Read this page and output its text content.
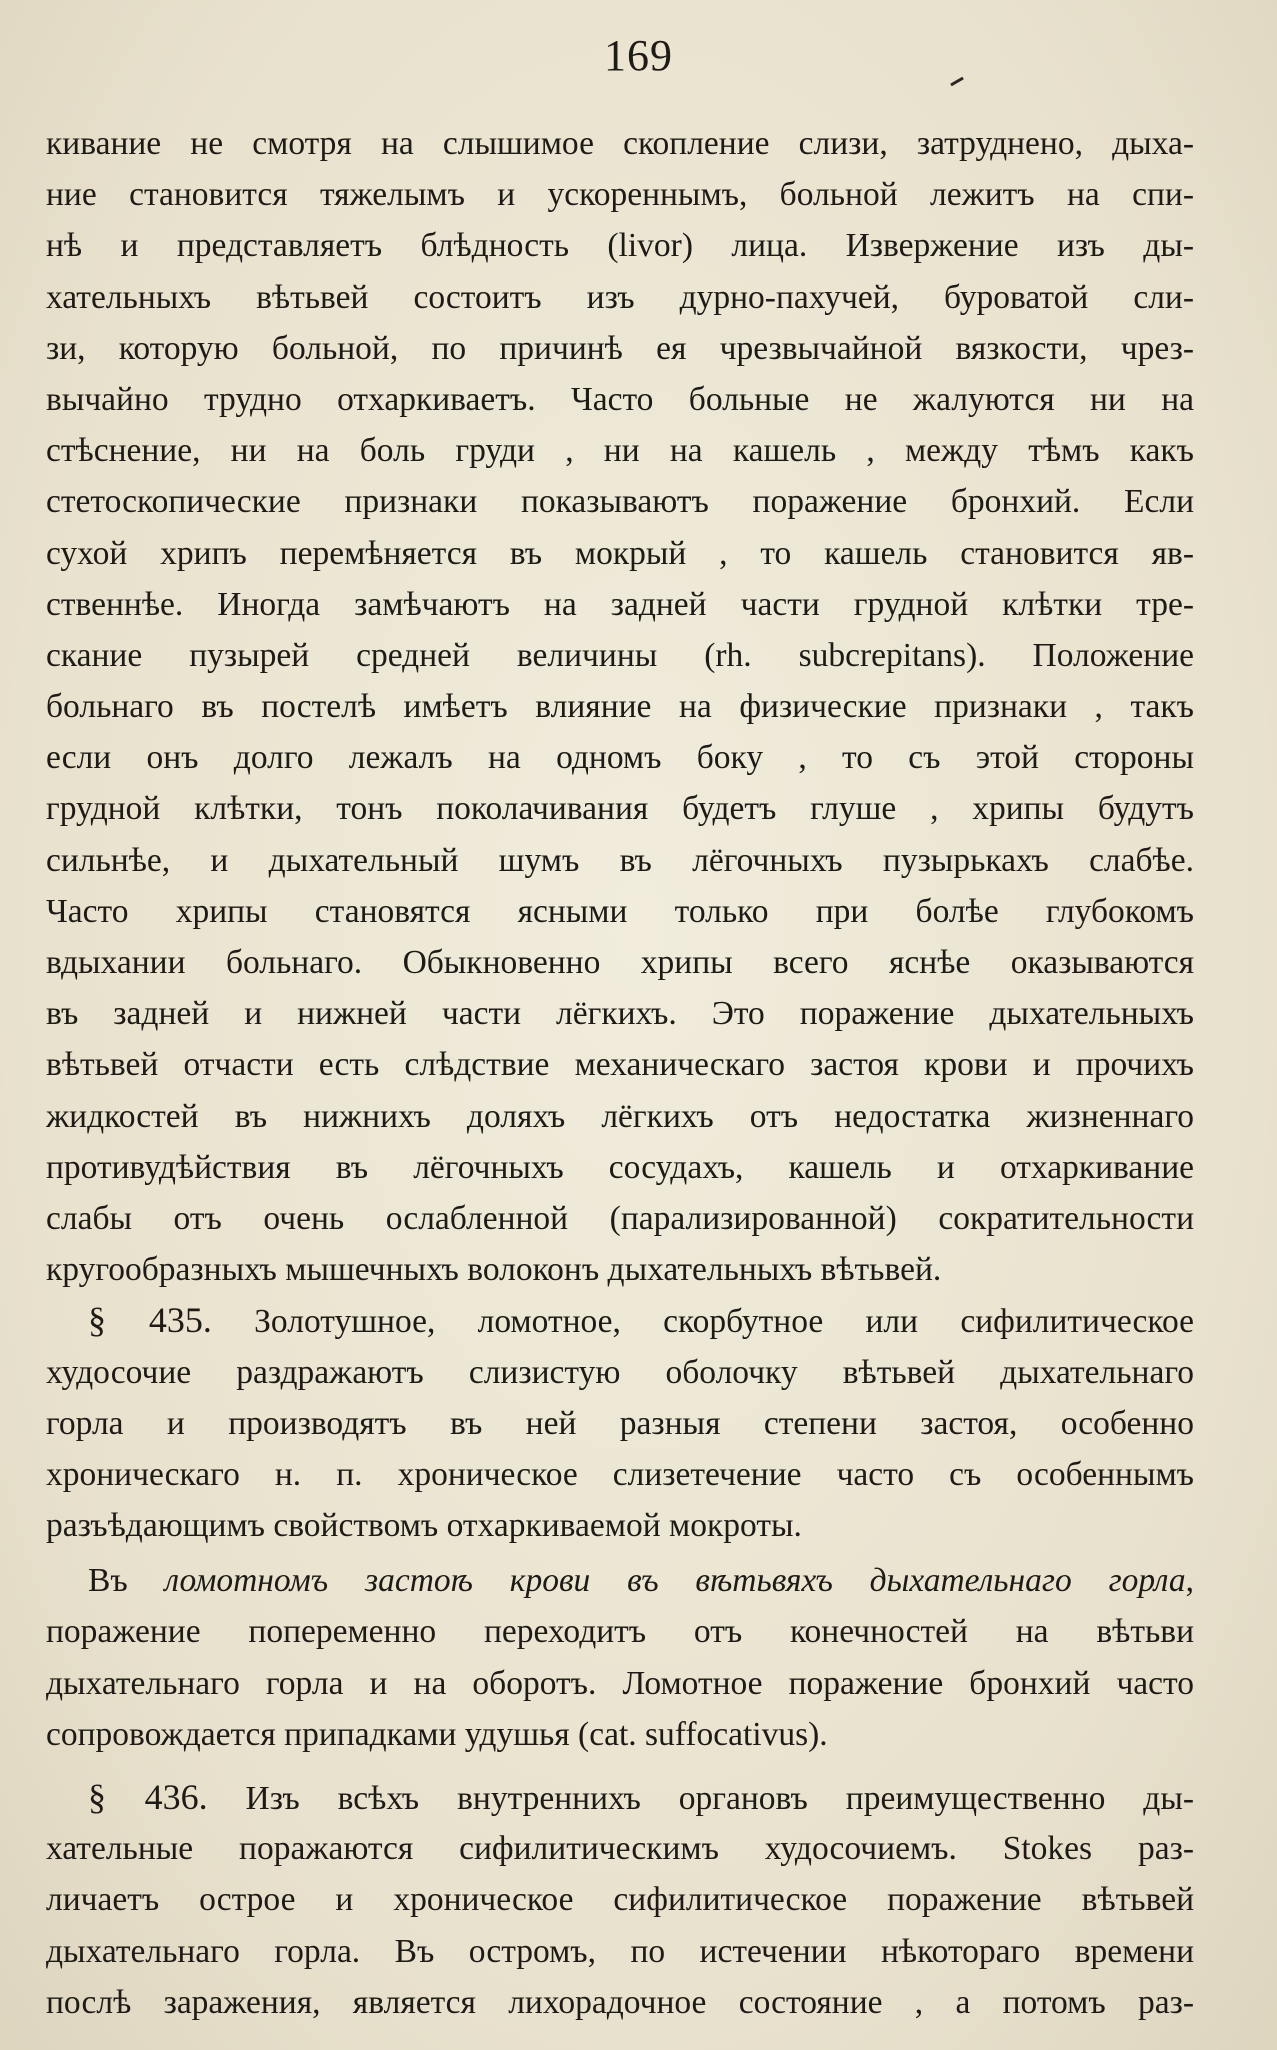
169
кивание не смотря на слышимое скопление слизи, затруднено, дыха-
ние становится тяжелымъ и ускореннымъ, больной лежитъ на спи-
нѣ и представляетъ блѣдность (livor) лица. Извержение изъ ды-
хательныхъ вѣтьвей состоитъ изъ дурно-пахучей, буроватой сли-
зи, которую больной, по причинѣ ея чрезвычайной вязкости, чрез-
вычайно трудно отхаркиваетъ. Часто больные не жалуются ни на
стѣснение, ни на боль груди , ни на кашель , между тѣмъ какъ
стетоскопические признаки показываютъ поражение бронхий. Если
сухой хрипъ перемѣняется въ мокрый , то кашель становится яв-
ственнѣе. Иногда замѣчаютъ на задней части грудной клѣтки тре-
скание пузырей средней величины (rh. subcrepitans). Положение
больнаго въ постелѣ имѣетъ влияние на физические признаки , такъ
если онъ долго лежалъ на одномъ боку , то съ этой стороны
грудной клѣтки, тонъ поколачивания будетъ глуше , хрипы будутъ
сильнѣе, и дыхательный шумъ въ лёгочныхъ пузырькахъ слабѣе.
Часто хрипы становятся ясными только при болѣе глубокомъ
вдыхании больнаго. Обыкновенно хрипы всего яснѣе оказываются
въ задней и нижней части лёгкихъ. Это поражение дыхательныхъ
вѣтьвей отчасти есть слѣдствие механическаго застоя крови и прочихъ
жидкостей въ нижнихъ доляхъ лёгкихъ отъ недостатка жизненнаго
противудѣйствия въ лёгочныхъ сосудахъ, кашель и отхаркивание
слабы отъ очень ослабленной (парализированной) сократительности
кругообразныхъ мышечныхъ волоконъ дыхательныхъ вѣтьвей.
§ 435. Золотушное, ломотное, скорбутное или сифилитическое
худосочие раздражаютъ слизистую оболочку вѣтьвей дыхательнаго
горла и производятъ въ ней разныя степени застоя, особенно
хроническаго н. п. хроническое слизетечение часто съ особеннымъ
разъѣдающимъ свойствомъ отхаркиваемой мокроты.
Въ ломотномъ застоѣ крови въ вѣтьвяхъ дыхательнаго горла,
поражение попеременно переходитъ отъ конечностей на вѣтьви
дыхательнаго горла и на оборотъ. Ломотное поражение бронхий часто
сопровождается припадками удушья (cat. suffocativus).
§ 436. Изъ всѣхъ внутреннихъ органовъ преимущественно ды-
хательные поражаются сифилитическимъ худосочиемъ. Stokes раз-
личаетъ острое и хроническое сифилитическое поражение вѣтьвей
дыхательнаго горла. Въ остромъ, по истечении нѣкотораго времени
послѣ заражения, является лихорадочное состояние , а потомъ раз-
